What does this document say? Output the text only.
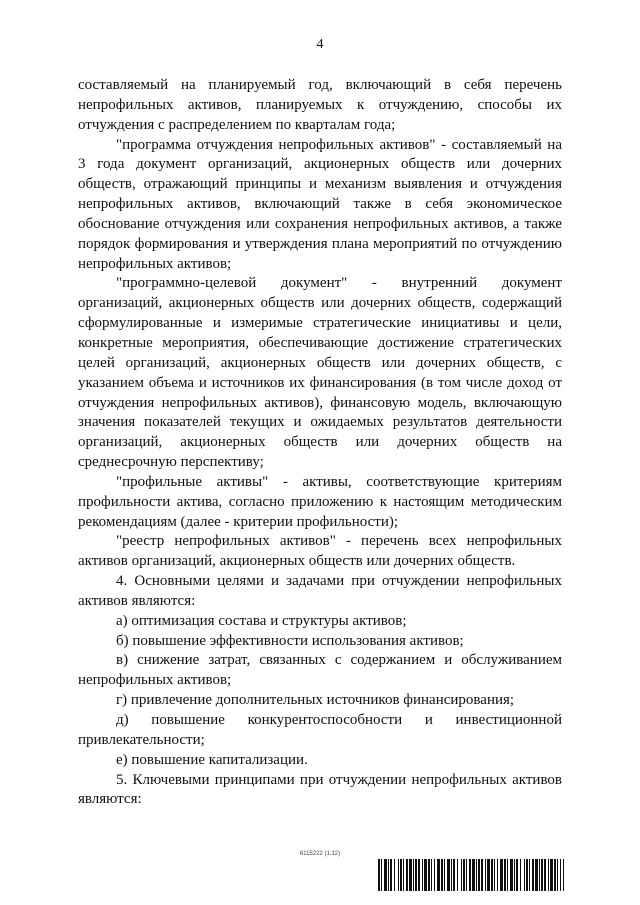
4

составляемый на планируемый год, включающий в себя перечень непрофильных активов, планируемых к отчуждению, способы их отчуждения с распределением по кварталам года;

"программа отчуждения непрофильных активов" - составляемый на 3 года документ организаций, акционерных обществ или дочерних обществ, отражающий принципы и механизм выявления и отчуждения непрофильных активов, включающий также в себя экономическое обоснование отчуждения или сохранения непрофильных активов, а также порядок формирования и утверждения плана мероприятий по отчуждению непрофильных активов;

"программно-целевой документ" - внутренний документ организаций, акционерных обществ или дочерних обществ, содержащий сформулированные и измеримые стратегические инициативы и цели, конкретные мероприятия, обеспечивающие достижение стратегических целей организаций, акционерных обществ или дочерних обществ, с указанием объема и источников их финансирования (в том числе доход от отчуждения непрофильных активов), финансовую модель, включающую значения показателей текущих и ожидаемых результатов деятельности организаций, акционерных обществ или дочерних обществ на среднесрочную перспективу;

"профильные активы" - активы, соответствующие критериям профильности актива, согласно приложению к настоящим методическим рекомендациям (далее - критерии профильности);

"реестр непрофильных активов" - перечень всех непрофильных активов организаций, акционерных обществ или дочерних обществ.

4. Основными целями и задачами при отчуждении непрофильных активов являются:

а) оптимизация состава и структуры активов;

б) повышение эффективности использования активов;

в) снижение затрат, связанных с содержанием и обслуживанием непрофильных активов;

г) привлечение дополнительных источников финансирования;

д) повышение конкурентоспособности и инвестиционной привлекательности;

е) повышение капитализации.

5. Ключевыми принципами при отчуждении непрофильных активов являются:

6115222 (1.12)
